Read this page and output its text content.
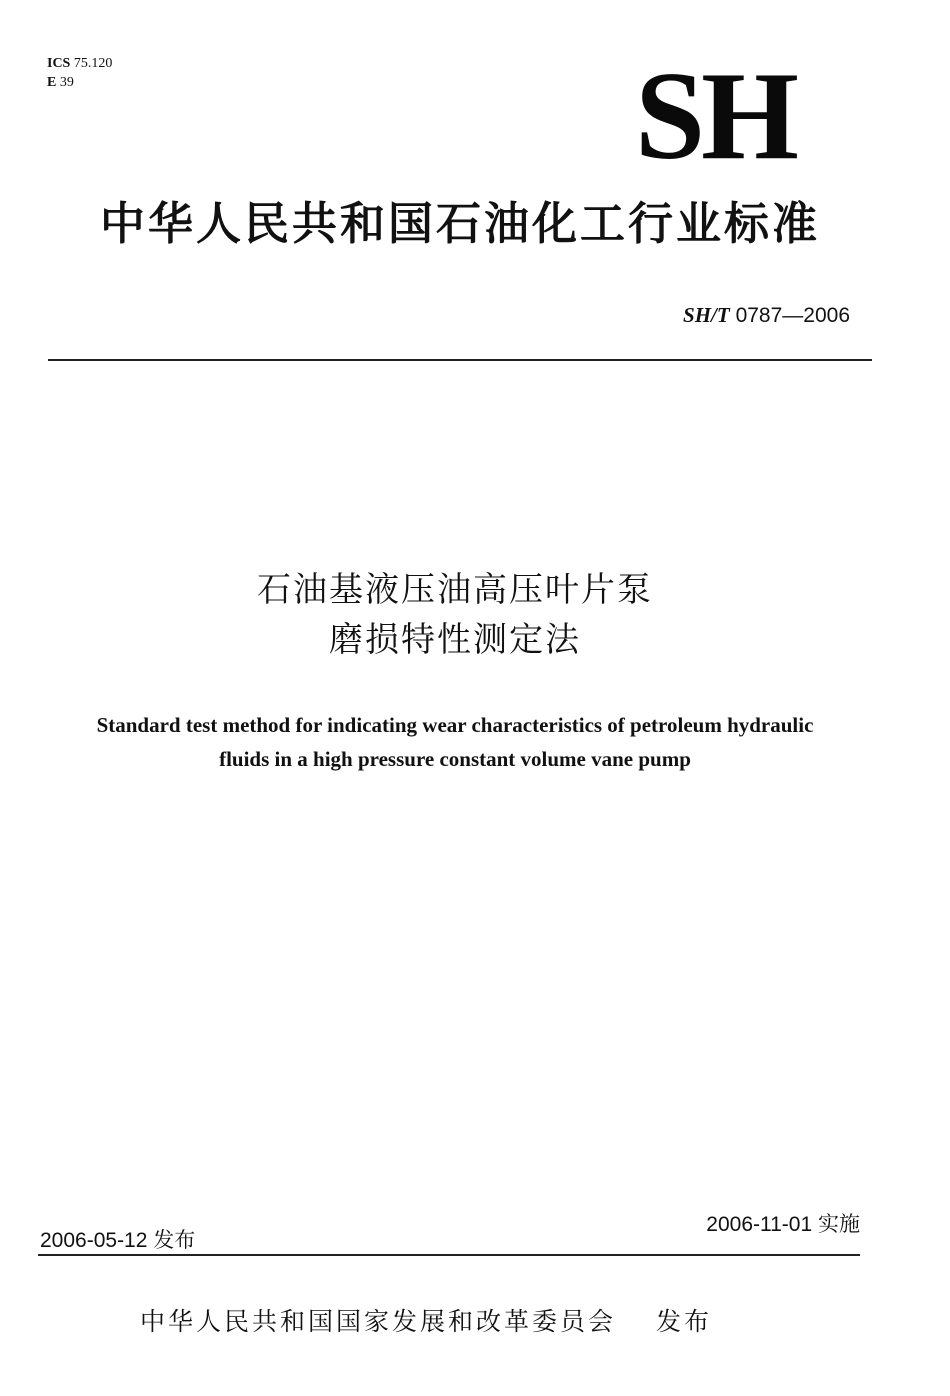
ICS 75.120
E 39	SH
中华人民共和国石油化工行业标准
SH/T 0787—2006
石油基液压油高压叶片泵
磨损特性测定法
Standard test method for indicating wear characteristics of petroleum hydraulic
fluids in a high pressure constant volume vane pump
2006-05-12 发布
2006-11-01 实施
中华人民共和国国家发展和改革委员会 发布
